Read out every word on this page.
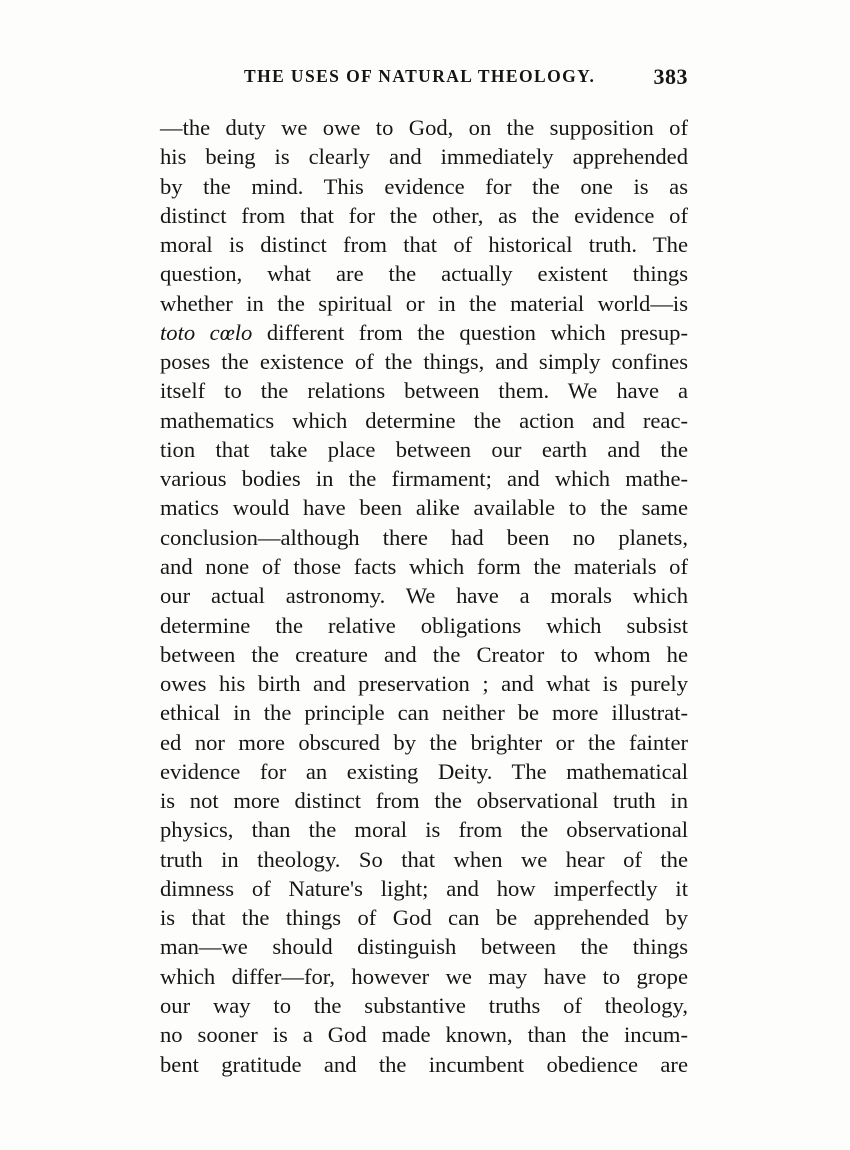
THE USES OF NATURAL THEOLOGY.	383
—the duty we owe to God, on the supposition of
his being is clearly and immediately apprehended
by the mind. This evidence for the one is as
distinct from that for the other, as the evidence of
moral is distinct from that of historical truth. The
question, what are the actually existent things
whether in the spiritual or in the material world—is
toto cœlo different from the question which presup-
poses the existence of the things, and simply confines
itself to the relations between them. We have a
mathematics which determine the action and reac-
tion that take place between our earth and the
various bodies in the firmament; and which mathe-
matics would have been alike available to the same
conclusion—although there had been no planets,
and none of those facts which form the materials of
our actual astronomy. We have a morals which
determine the relative obligations which subsist
between the creature and the Creator to whom he
owes his birth and preservation ; and what is purely
ethical in the principle can neither be more illustrat-
ed nor more obscured by the brighter or the fainter
evidence for an existing Deity. The mathematical
is not more distinct from the observational truth in
physics, than the moral is from the observational
truth in theology. So that when we hear of the
dimness of Nature's light; and how imperfectly it
is that the things of God can be apprehended by
man—we should distinguish between the things
which differ—for, however we may have to grope
our way to the substantive truths of theology,
no sooner is a God made known, than the incum-
bent gratitude and the incumbent obedience are
